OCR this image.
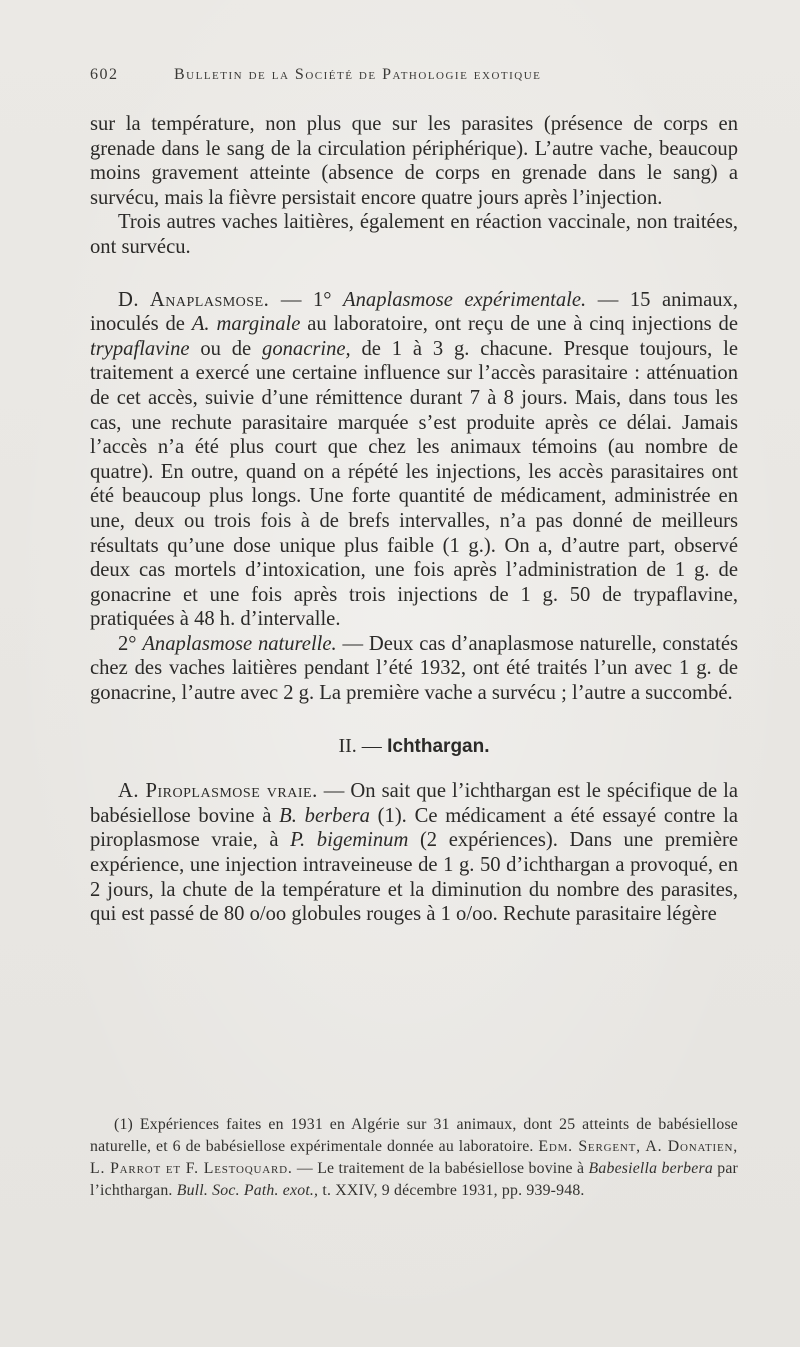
602	Bulletin de la Société de Pathologie exotique

sur la température, non plus que sur les parasites (présence de corps en grenade dans le sang de la circulation périphérique). L’autre vache, beaucoup moins gravement atteinte (absence de corps en grenade dans le sang) a survécu, mais la fièvre persistait encore quatre jours après l’injection.

Trois autres vaches laitières, également en réaction vaccinale, non traitées, ont survécu.

D. Anaplasmose. — 1° Anaplasmose expérimentale. — 15 animaux, inoculés de A. marginale au laboratoire, ont reçu de une à cinq injections de trypaflavine ou de gonacrine, de 1 à 3 g. chacune. Presque toujours, le traitement a exercé une certaine influence sur l’accès parasitaire : atténuation de cet accès, suivie d’une rémittence durant 7 à 8 jours. Mais, dans tous les cas, une rechute parasitaire marquée s’est produite après ce délai. Jamais l’accès n’a été plus court que chez les animaux témoins (au nombre de quatre). En outre, quand on a répété les injections, les accès parasitaires ont été beaucoup plus longs. Une forte quantité de médicament, administrée en une, deux ou trois fois à de brefs intervalles, n’a pas donné de meilleurs résultats qu’une dose unique plus faible (1 g.). On a, d’autre part, observé deux cas mortels d’intoxication, une fois après l’administration de 1 g. de gonacrine et une fois après trois injections de 1 g. 50 de trypaflavine, pratiquées à 48 h. d’intervalle.

2° Anaplasmose naturelle. — Deux cas d’anaplasmose naturelle, constatés chez des vaches laitières pendant l’été 1932, ont été traités l’un avec 1 g. de gonacrine, l’autre avec 2 g. La première vache a survécu ; l’autre a succombé.

II. — Ichthargan.

A. Piroplasmose vraie. — On sait que l’ichthargan est le spécifique de la babésiellose bovine à B. berbera (1). Ce médicament a été essayé contre la piroplasmose vraie, à P. bigeminum (2 expériences). Dans une première expérience, une injection intraveineuse de 1 g. 50 d’ichthargan a provoqué, en 2 jours, la chute de la température et la diminution du nombre des parasites, qui est passé de 80 o/oo globules rouges à 1 o/oo. Rechute parasitaire légère

(1) Expériences faites en 1931 en Algérie sur 31 animaux, dont 25 atteints de babésiellose naturelle, et 6 de babésiellose expérimentale donnée au laboratoire. Edm. Sergent, A. Donatien, L. Parrot et F. Lestoquard. — Le traitement de la babésiellose bovine à Babesiella berbera par l’ichthargan. Bull. Soc. Path. exot., t. XXIV, 9 décembre 1931, pp. 939-948.
